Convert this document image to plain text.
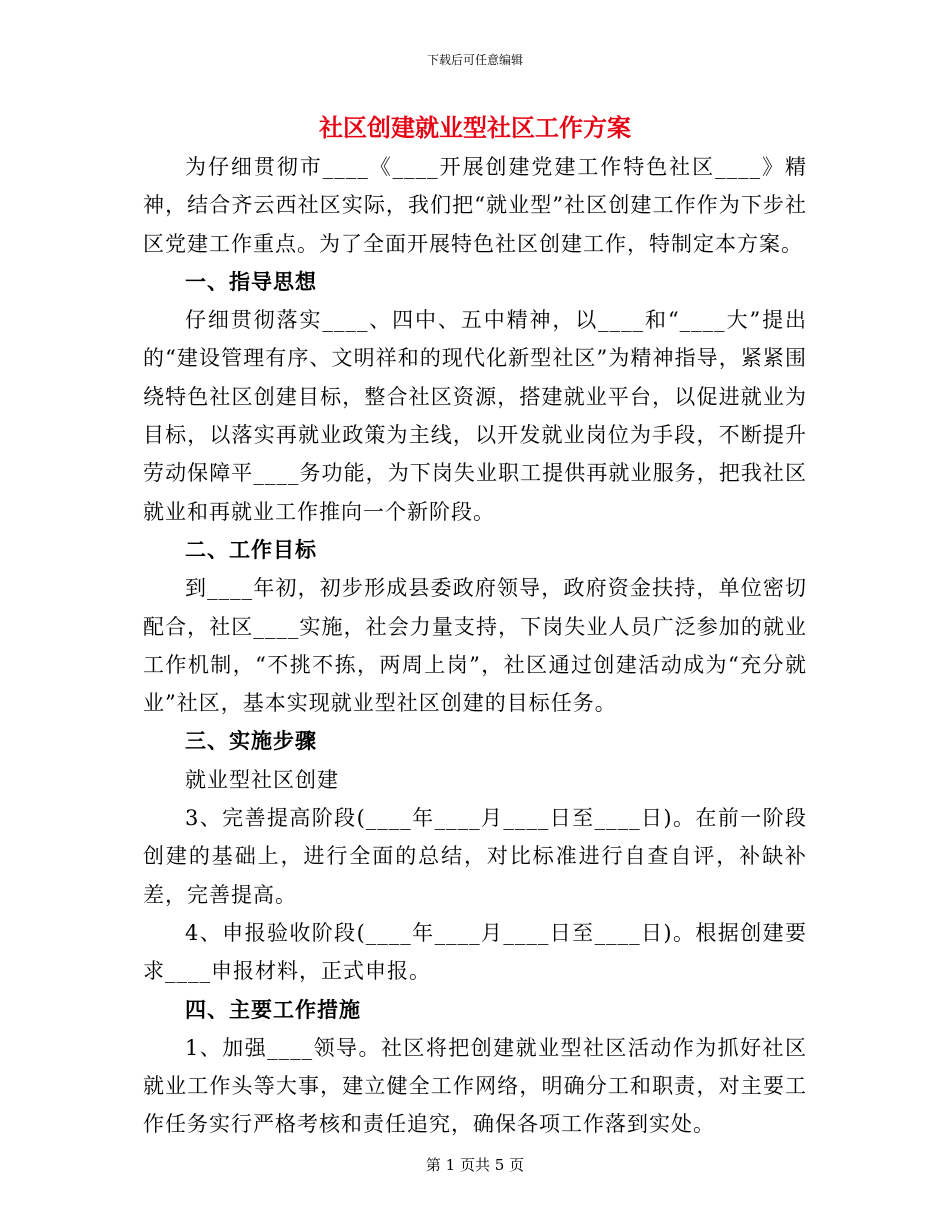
下载后可任意编辑
社区创建就业型社区工作方案

为仔细贯彻市____《____开展创建党建工作特色社区____》精神，结合齐云西社区实际，我们把“就业型”社区创建工作作为下步社区党建工作重点。为了全面开展特色社区创建工作，特制定本方案。

一、指导思想

仔细贯彻落实____、四中、五中精神，以____和“____大”提出的“建设管理有序、文明祥和的现代化新型社区”为精神指导，紧紧围绕特色社区创建目标，整合社区资源，搭建就业平台，以促进就业为目标，以落实再就业政策为主线，以开发就业岗位为手段，不断提升劳动保障平____务功能，为下岗失业职工提供再就业服务，把我社区就业和再就业工作推向一个新阶段。

二、工作目标

到____年初，初步形成县委政府领导，政府资金扶持，单位密切配合，社区____实施，社会力量支持，下岗失业人员广泛参加的就业工作机制，“不挑不拣，两周上岗”，社区通过创建活动成为“充分就业”社区，基本实现就业型社区创建的目标任务。

三、实施步骤

就业型社区创建

3、完善提高阶段(____年____月____日至____日)。在前一阶段创建的基础上，进行全面的总结，对比标准进行自查自评，补缺补差，完善提高。

4、申报验收阶段(____年____月____日至____日)。根据创建要求____申报材料，正式申报。

四、主要工作措施

1、加强____领导。社区将把创建就业型社区活动作为抓好社区就业工作头等大事，建立健全工作网络，明确分工和职责，对主要工作任务实行严格考核和责任追究，确保各项工作落到实处。

第 1 页共 5 页
